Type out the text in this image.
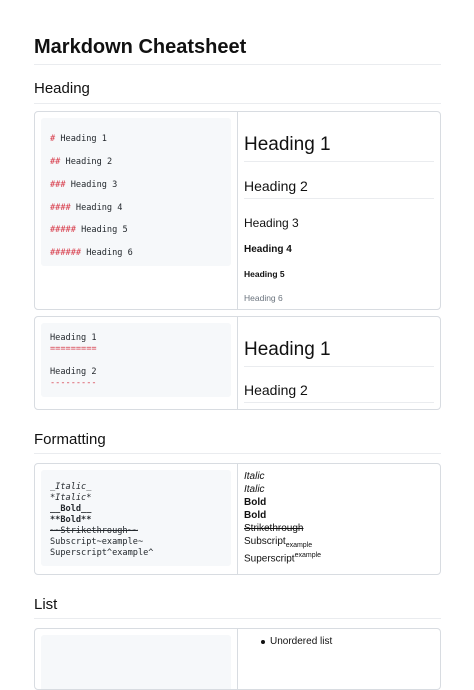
Markdown Cheatsheet
Heading
# Heading 1
## Heading 2
### Heading 3
#### Heading 4
##### Heading 5
###### Heading 6
Heading 1
Heading 2
Heading 3
Heading 4
Heading 5
Heading 6
Heading 1
=========
Heading 2
---------
Heading 1
Heading 2
Formatting
_Italic_
*Italic*
__Bold__
**Bold**
~~Strikethrough~~
Subscript~example~
Superscript^example^
Italic
Italic
Bold
Bold
Strikethrough
Subscript$_{example}$
Superscript$^{example}$
List
Unordered list
